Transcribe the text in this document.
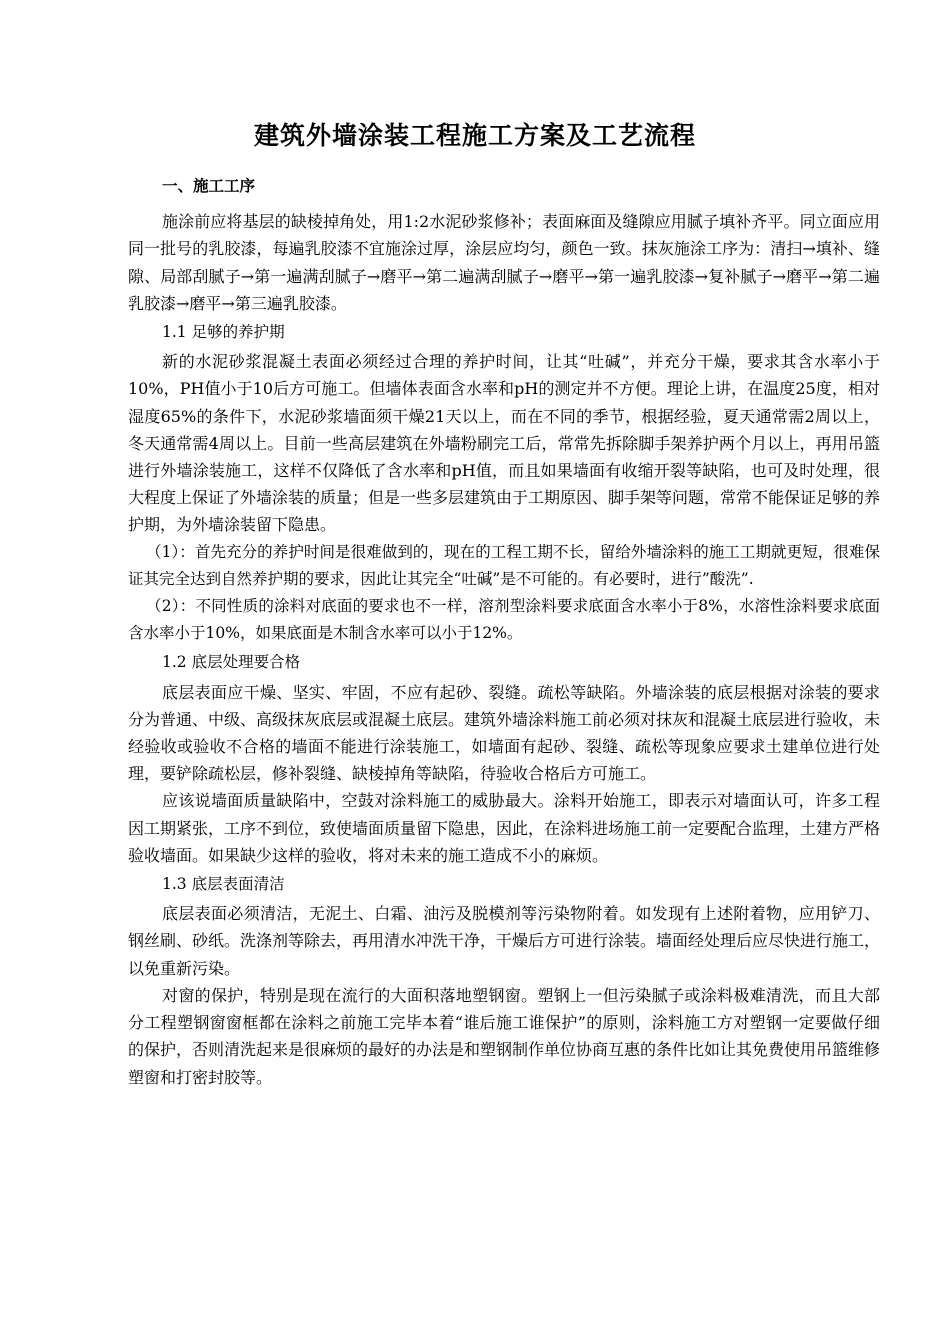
建筑外墙涂装工程施工方案及工艺流程

一、施工工序

施涂前应将基层的缺棱掉角处，用1:2水泥砂浆修补；表面麻面及缝隙应用腻子填补齐平。同立面应用同一批号的乳胶漆，每遍乳胶漆不宜施涂过厚，涂层应均匀，颜色一致。抹灰施涂工序为：清扫→填补、缝隙、局部刮腻子→第一遍满刮腻子→磨平→第二遍满刮腻子→磨平→第一遍乳胶漆→复补腻子→磨平→第二遍乳胶漆→磨平→第三遍乳胶漆。

1.1 足够的养护期

新的水泥砂浆混凝土表面必须经过合理的养护时间，让其“吐碱”，并充分干燥，要求其含水率小于10%，PH值小于10后方可施工。但墙体表面含水率和pH的测定并不方便。理论上讲，在温度25度，相对湿度65%的条件下，水泥砂浆墙面须干燥21天以上，而在不同的季节，根据经验，夏天通常需2周以上，冬天通常需4周以上。目前一些高层建筑在外墙粉刷完工后，常常先拆除脚手架养护两个月以上，再用吊篮进行外墙涂装施工，这样不仅降低了含水率和pH值，而且如果墙面有收缩开裂等缺陷，也可及时处理，很大程度上保证了外墙涂装的质量；但是一些多层建筑由于工期原因、脚手架等问题，常常不能保证足够的养护期，为外墙涂装留下隐患。

（1）：首先充分的养护时间是很难做到的，现在的工程工期不长，留给外墙涂料的施工工期就更短，很难保证其完全达到自然养护期的要求，因此让其完全“吐碱”是不可能的。有必要时，进行”酸洗”.

（2）：不同性质的涂料对底面的要求也不一样，溶剂型涂料要求底面含水率小于8%，水溶性涂料要求底面含水率小于10%，如果底面是木制含水率可以小于12%。

1.2 底层处理要合格

底层表面应干燥、坚实、牢固，不应有起砂、裂缝。疏松等缺陷。外墙涂装的底层根据对涂装的要求分为普通、中级、高级抹灰底层或混凝土底层。建筑外墙涂料施工前必须对抹灰和混凝土底层进行验收，未经验收或验收不合格的墙面不能进行涂装施工，如墙面有起砂、裂缝、疏松等现象应要求土建单位进行处理，要铲除疏松层，修补裂缝、缺棱掉角等缺陷，待验收合格后方可施工。

应该说墙面质量缺陷中，空鼓对涂料施工的威胁最大。涂料开始施工，即表示对墙面认可，许多工程因工期紧张，工序不到位，致使墙面质量留下隐患，因此，在涂料进场施工前一定要配合监理，土建方严格验收墙面。如果缺少这样的验收，将对未来的施工造成不小的麻烦。

1.3 底层表面清洁

底层表面必须清洁，无泥土、白霜、油污及脱模剂等污染物附着。如发现有上述附着物，应用铲刀、钢丝刷、砂纸。洗涤剂等除去，再用清水冲洗干净，干燥后方可进行涂装。墙面经处理后应尽快进行施工，以免重新污染。

对窗的保护，特别是现在流行的大面积落地塑钢窗。塑钢上一但污染腻子或涂料极难清洗，而且大部分工程塑钢窗窗框都在涂料之前施工完毕本着“谁后施工谁保护”的原则，涂料施工方对塑钢一定要做仔细的保护，否则清洗起来是很麻烦的最好的办法是和塑钢制作单位协商互惠的条件比如让其免费使用吊篮维修塑窗和打密封胶等。
